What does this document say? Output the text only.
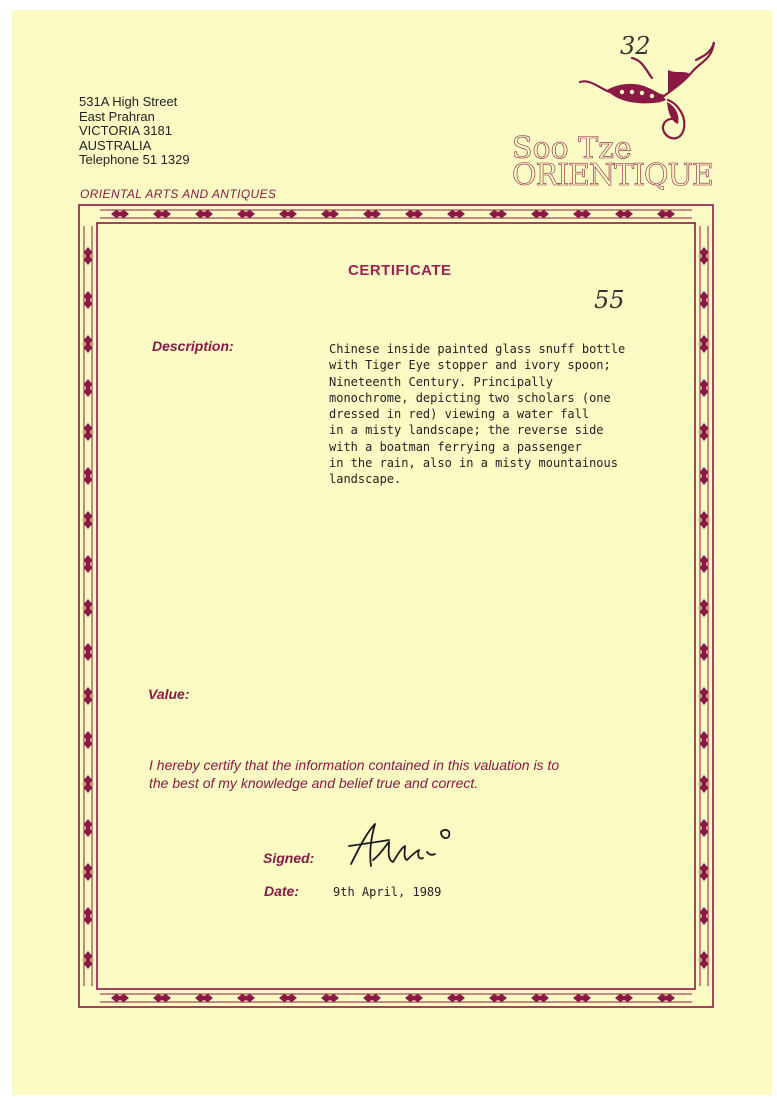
531A High Street
East Prahran
VICTORIA 3181
AUSTRALIA
Telephone 51 1329
ORIENTAL ARTS AND ANTIQUES
Soo Tze
ORIENTIQUE
32
55
CERTIFICATE
Description:	Chinese inside painted glass snuff bottle
with Tiger Eye stopper and ivory spoon;
Nineteenth Century. Principally
monochrome, depicting two scholars (one
dressed in red) viewing a water fall
in a misty landscape; the reverse side
with a boatman ferrying a passenger
in the rain, also in a misty mountainous
landscape.
Value:
I hereby certify that the information contained in this valuation is to
the best of my knowledge and belief true and correct.
Signed:
Date:	9th April, 1989
